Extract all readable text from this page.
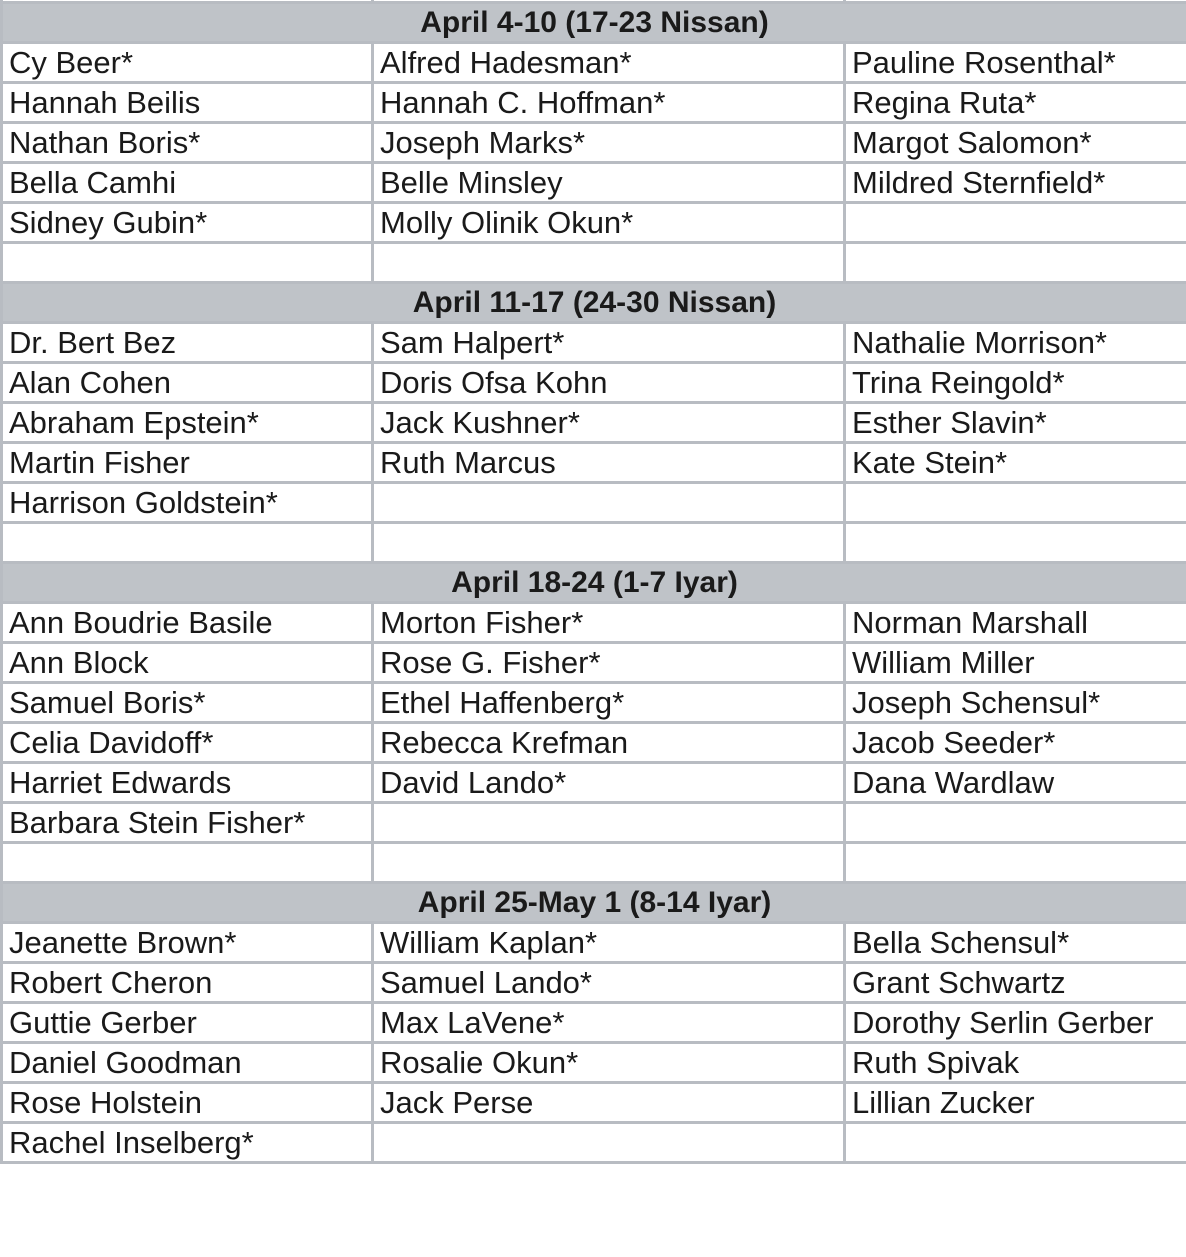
April 4-10 (17-23 Nissan)		
Cy Beer*	Alfred Hadesman*	Pauline Rosenthal*
Hannah Beilis	Hannah C. Hoffman*	Regina Ruta*
Nathan Boris*	Joseph Marks*	Margot Salomon*
Bella Camhi	Belle Minsley	Mildred Sternfield*
Sidney Gubin*	Molly Olinik Okun*	

April 11-17 (24-30 Nissan)		
Dr. Bert Bez	Sam Halpert*	Nathalie Morrison*
Alan Cohen	Doris Ofsa Kohn	Trina Reingold*
Abraham Epstein*	Jack Kushner*	Esther Slavin*
Martin Fisher	Ruth Marcus	Kate Stein*
Harrison Goldstein*		

April 18-24 (1-7 Iyar)		
Ann Boudrie Basile	Morton Fisher*	Norman Marshall
Ann Block	Rose G. Fisher*	William Miller
Samuel Boris*	Ethel Haffenberg*	Joseph Schensul*
Celia Davidoff*	Rebecca Krefman	Jacob Seeder*
Harriet Edwards	David Lando*	Dana Wardlaw
Barbara Stein Fisher*		

April 25-May 1 (8-14 Iyar)		
Jeanette Brown*	William Kaplan*	Bella Schensul*
Robert Cheron	Samuel Lando*	Grant Schwartz
Guttie Gerber	Max LaVene*	Dorothy Serlin Gerber
Daniel Goodman	Rosalie Okun*	Ruth Spivak
Rose Holstein	Jack Perse	Lillian Zucker
Rachel Inselberg*		
